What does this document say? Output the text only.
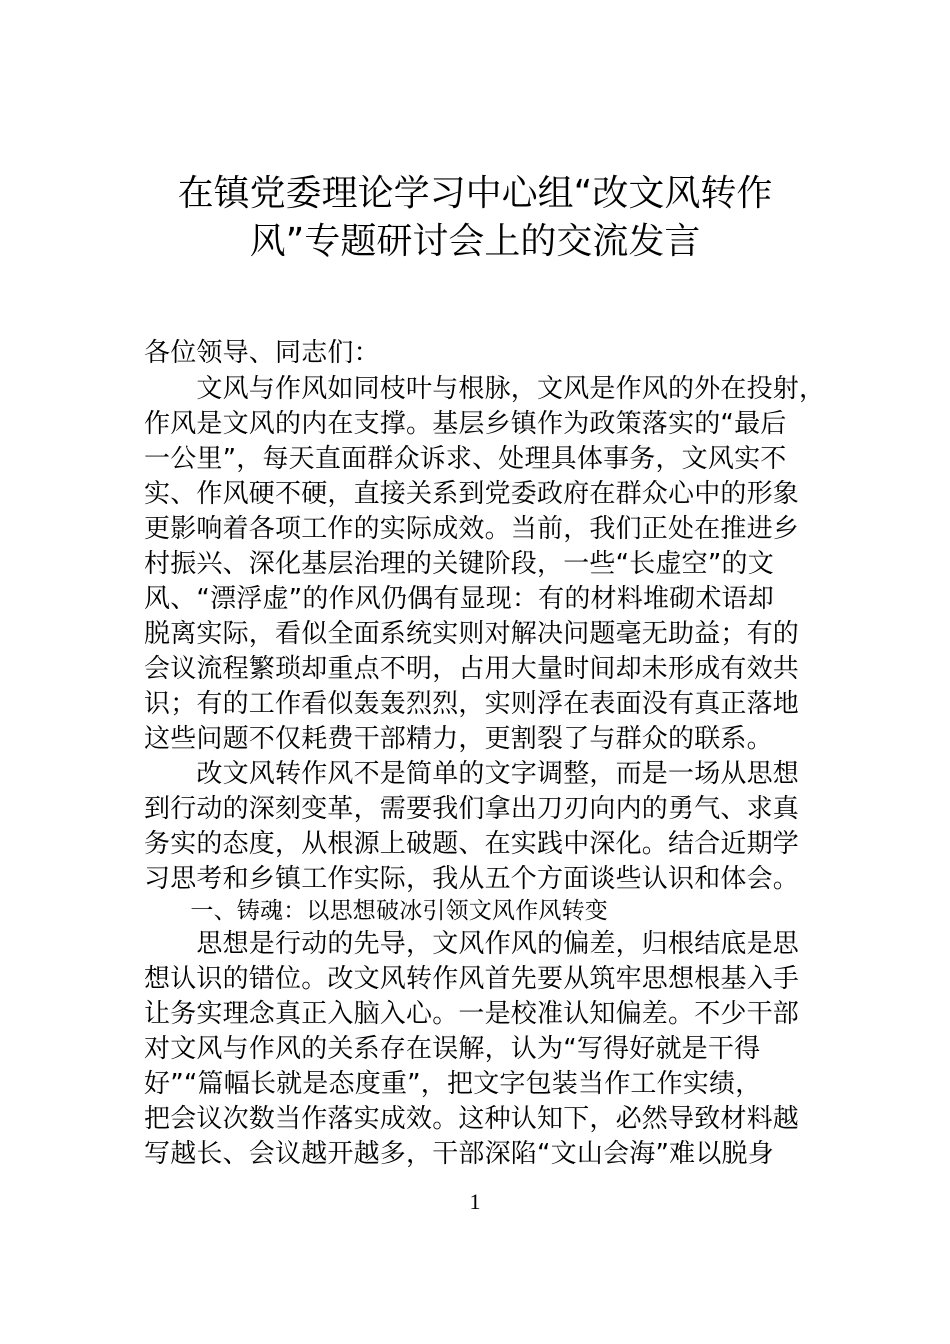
在镇党委理论学习中心组“改文风转作
风”专题研讨会上的交流发言
各位领导、同志们：
　　文风与作风如同枝叶与根脉，文风是作风的外在投射，
作风是文风的内在支撑。基层乡镇作为政策落实的“最后
一公里”，每天直面群众诉求、处理具体事务，文风实不
实、作风硬不硬，直接关系到党委政府在群众心中的形象
更影响着各项工作的实际成效。当前，我们正处在推进乡
村振兴、深化基层治理的关键阶段，一些“长虚空”的文
风、“漂浮虚”的作风仍偶有显现：有的材料堆砌术语却
脱离实际，看似全面系统实则对解决问题毫无助益；有的
会议流程繁琐却重点不明，占用大量时间却未形成有效共
识；有的工作看似轰轰烈烈，实则浮在表面没有真正落地
这些问题不仅耗费干部精力，更割裂了与群众的联系。
　　改文风转作风不是简单的文字调整，而是一场从思想
到行动的深刻变革，需要我们拿出刀刃向内的勇气、求真
务实的态度，从根源上破题、在实践中深化。结合近期学
习思考和乡镇工作实际，我从五个方面谈些认识和体会。
　　一、铸魂：以思想破冰引领文风作风转变
　　思想是行动的先导，文风作风的偏差，归根结底是思
想认识的错位。改文风转作风首先要从筑牢思想根基入手
让务实理念真正入脑入心。一是校准认知偏差。不少干部
对文风与作风的关系存在误解，认为“写得好就是干得
好”“篇幅长就是态度重”，把文字包装当作工作实绩，
把会议次数当作落实成效。这种认知下，必然导致材料越
写越长、会议越开越多，干部深陷“文山会海”难以脱身
1
